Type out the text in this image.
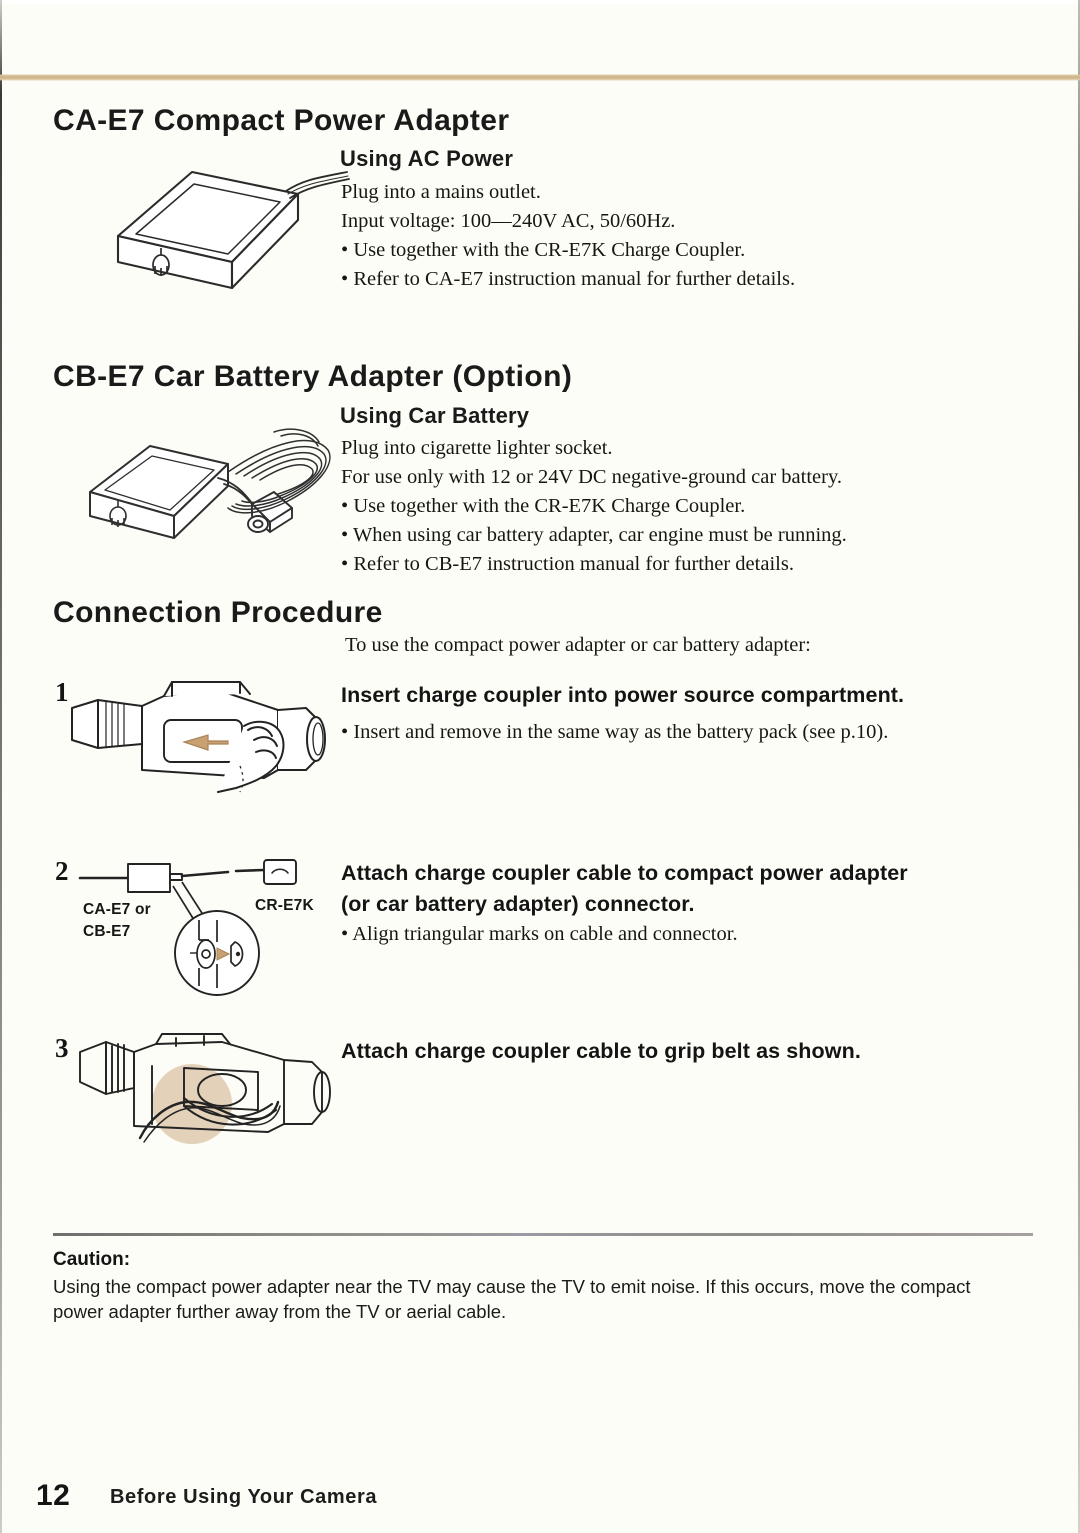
CA-E7 Compact Power Adapter
Using AC Power
Plug into a mains outlet.
Input voltage: 100—240V AC, 50/60Hz.
• Use together with the CR-E7K Charge Coupler.
• Refer to CA-E7 instruction manual for further details.
CB-E7 Car Battery Adapter (Option)
Using Car Battery
Plug into cigarette lighter socket.
For use only with 12 or 24V DC negative-ground car battery.
• Use together with the CR-E7K Charge Coupler.
• When using car battery adapter, car engine must be running.
• Refer to CB-E7 instruction manual for further details.
Connection Procedure
To use the compact power adapter or car battery adapter:
1	Insert charge coupler into power source compartment.
• Insert and remove in the same way as the battery pack (see p.10).
2
CA-E7 or
CB-E7
CR-E7K
Attach charge coupler cable to compact power adapter
(or car battery adapter) connector.
• Align triangular marks on cable and connector.
3	Attach charge coupler cable to grip belt as shown.
Caution:
Using the compact power adapter near the TV may cause the TV to emit noise. If this occurs, move the compact
power adapter further away from the TV or aerial cable.
12 Before Using Your Camera
